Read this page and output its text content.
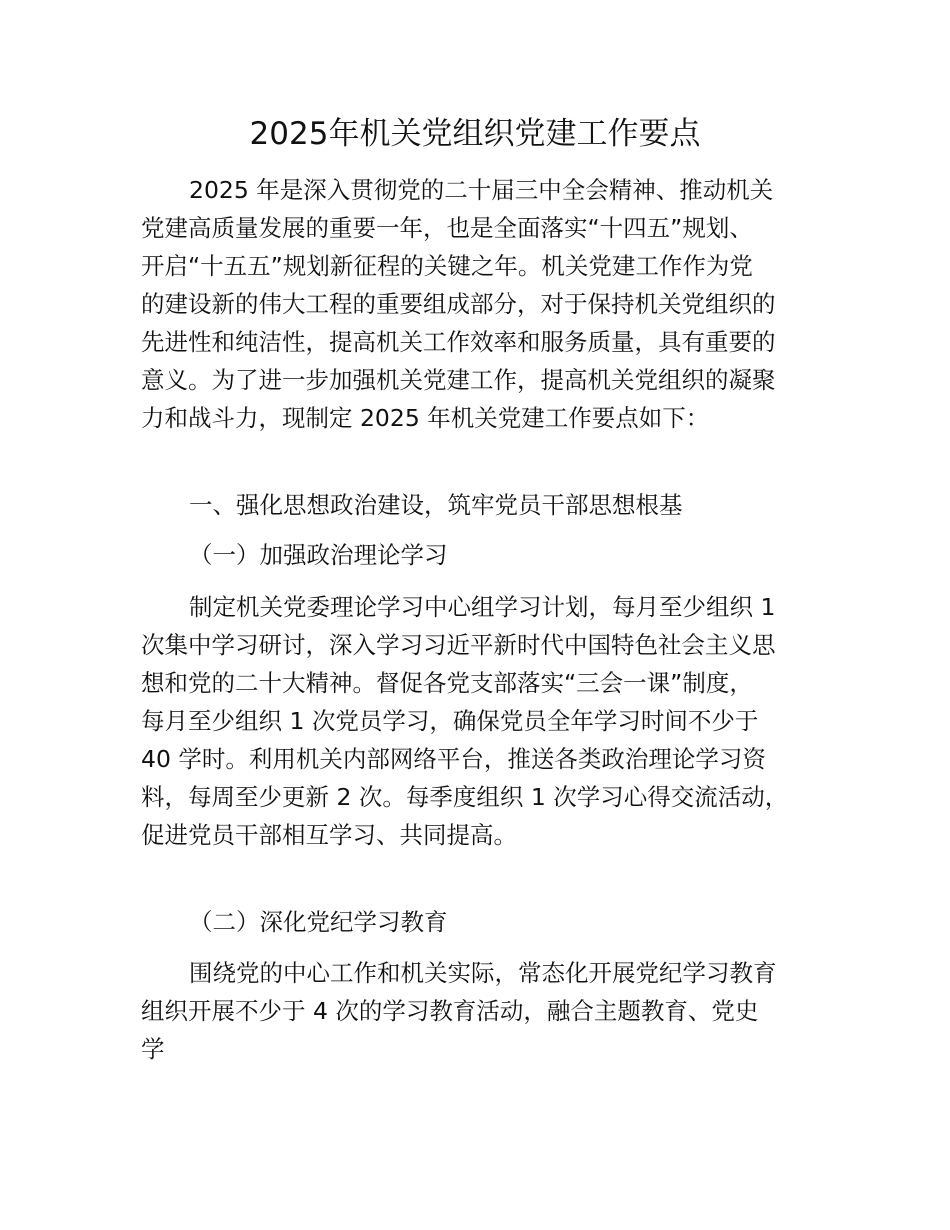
2025年机关党组织党建工作要点
2025 年是深入贯彻党的二十届三中全会精神、推动机关
党建高质量发展的重要一年，也是全面落实“十四五”规划、
开启“十五五”规划新征程的关键之年。机关党建工作作为党
的建设新的伟大工程的重要组成部分，对于保持机关党组织的
先进性和纯洁性，提高机关工作效率和服务质量，具有重要的
意义。为了进一步加强机关党建工作，提高机关党组织的凝聚
力和战斗力，现制定 2025 年机关党建工作要点如下：
一、强化思想政治建设，筑牢党员干部思想根基
（一）加强政治理论学习
制定机关党委理论学习中心组学习计划，每月至少组织 1
次集中学习研讨，深入学习习近平新时代中国特色社会主义思
想和党的二十大精神。督促各党支部落实“三会一课”制度，
每月至少组织 1 次党员学习，确保党员全年学习时间不少于
40 学时。利用机关内部网络平台，推送各类政治理论学习资
料，每周至少更新 2 次。每季度组织 1 次学习心得交流活动，
促进党员干部相互学习、共同提高。
（二）深化党纪学习教育
围绕党的中心工作和机关实际，常态化开展党纪学习教育
组织开展不少于 4 次的学习教育活动，融合主题教育、党史
学
